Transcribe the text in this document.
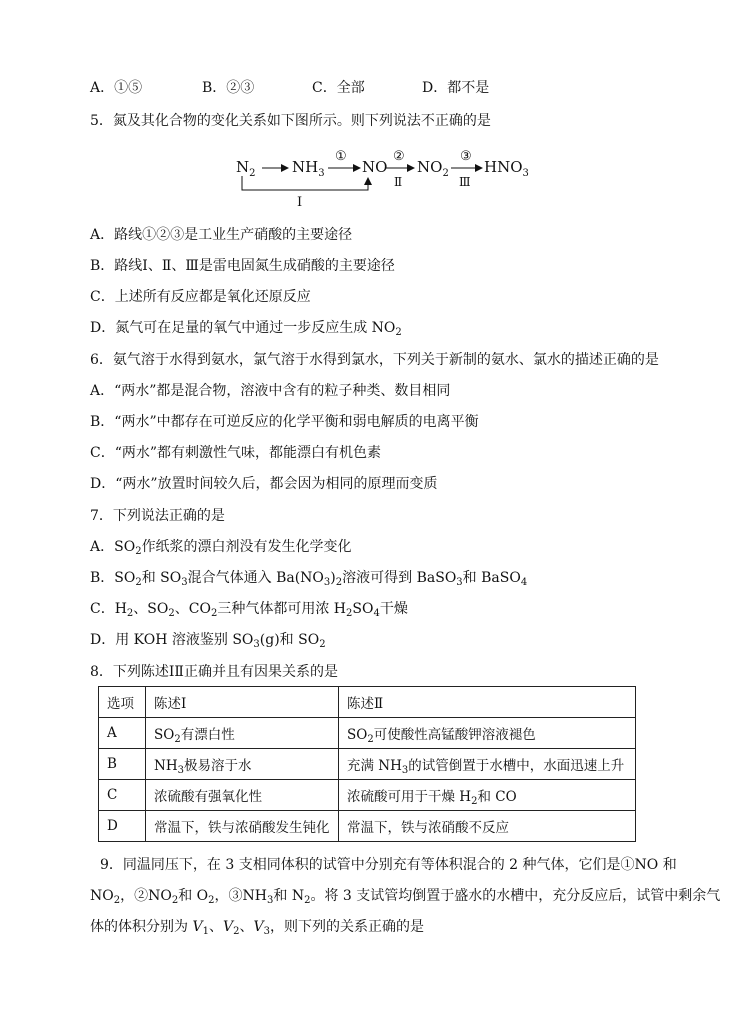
A．①⑤	B．②③	C．全部	D．都不是
5．氮及其化合物的变化关系如下图所示。则下列说法不正确的是
$N_2$ $NH_3$
①
NO
②
Ⅱ
$NO_2$
③
Ⅲ
$HNO_3$
Ⅰ
A．路线①②③是工业生产硝酸的主要途径
B．路线Ⅰ、Ⅱ、Ⅲ是雷电固氮生成硝酸的主要途径
C．上述所有反应都是氧化还原反应
D．氮气可在足量的氧气中通过一步反应生成 $NO_2$
6．氨气溶于水得到氨水，氯气溶于水得到氯水，下列关于新制的氨水、氯水的描述正确的是
A．“两水”都是混合物，溶液中含有的粒子种类、数目相同
B．“两水”中都存在可逆反应的化学平衡和弱电解质的电离平衡
C．“两水”都有刺激性气味，都能漂白有机色素
D．“两水”放置时间较久后，都会因为相同的原理而变质
7．下列说法正确的是
A．$SO_2$作纸浆的漂白剂没有发生化学变化
B．$SO_2$和 $SO_3$混合气体通入 $Ba(NO_3)_2$溶液可得到 BaSO$_3$和 BaSO$_4$
C．$H_2$、$SO_2$、$CO_2$三种气体都可用浓 $H_2SO_4$干燥
D．用 KOH 溶液鉴别 $SO_3(g)$和 $SO_2$
8．下列陈述ⅠⅡ正确并且有因果关系的是
选项	陈述Ⅰ	陈述Ⅱ
A	$SO_2$有漂白性	$SO_2$可使酸性高锰酸钾溶液褪色
B	$NH_3$极易溶于水	充满 $NH_3$的试管倒置于水槽中，水面迅速上升
C	浓硫酸有强氧化性	浓硫酸可用于干燥 $H_2$和 CO
D	常温下，铁与浓硝酸发生钝化	常温下，铁与浓硝酸不反应
9．同温同压下，在 3 支相同体积的试管中分别充有等体积混合的 2 种气体，它们是①NO 和
$NO_2$，$②NO_2$和 $O_2$，$③NH_3$和 $N_2$。将 3 支试管均倒置于盛水的水槽中，充分反应后，试管中剩余气
体的体积分别为 $V_1$、$V_2$、$V_3$，则下列的关系正确的是
